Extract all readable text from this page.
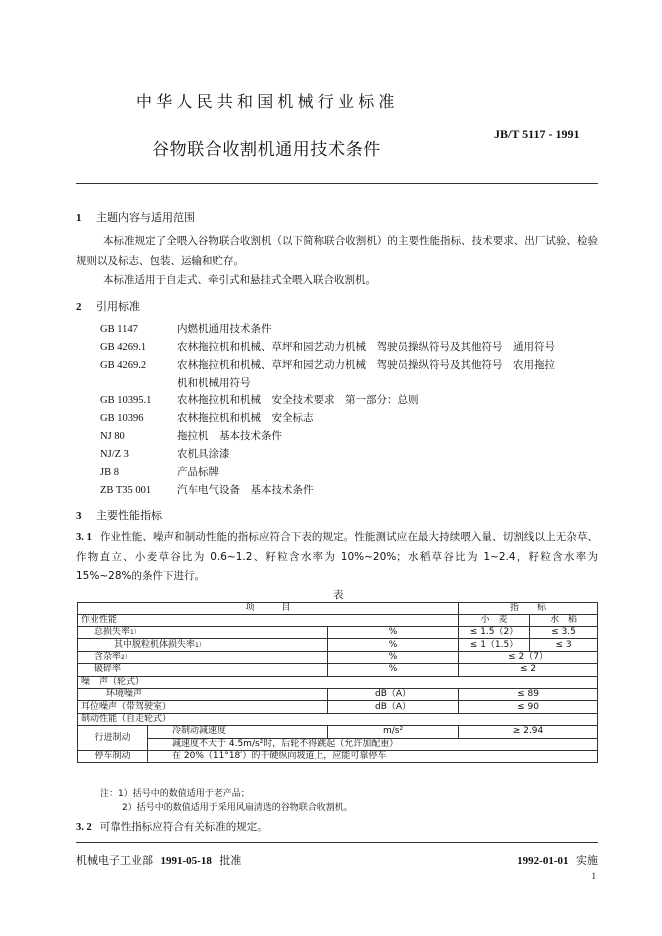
中华人民共和国机械行业标准
谷物联合收割机通用技术条件
JB/T 5117 - 1991
1 主题内容与适用范围
本标准规定了全喂入谷物联合收割机（以下简称联合收割机）的主要性能指标、技术要求、出厂试验、检验规则以及标志、包装、运输和贮存。
本标准适用于自走式、牵引式和悬挂式全喂入联合收割机。
2 引用标准
GB 1147	内燃机通用技术条件
GB 4269.1	农林拖拉机和机械、草坪和园艺动力机械　驾驶员操纵符号及其他符号　通用符号
GB 4269.2	农林拖拉机和机械、草坪和园艺动力机械　驾驶员操纵符号及其他符号　农用拖拉
机和机械用符号
GB 10395.1 农林拖拉机和机械　安全技术要求　第一部分：总则
GB 10396	农林拖拉机和机械　安全标志
NJ 80	拖拉机　基本技术条件
NJ/Z 3	农机具涂漆
JB 8	产品标牌
ZB T35 001 汽车电气设备　基本技术条件
3 主要性能指标
3. 1 作业性能、噪声和制动性能的指标应符合下表的规定。性能测试应在最大持续喂入量、切割线以上无杂草、作物直立、小麦草谷比为 0.6~1.2、籽粒含水率为 10%~20%；水稻草谷比为 1~2.4，籽粒含水率为 15%~28%的条件下进行。
表
项　　　目			指　　标	
作业性能			小　麦	水　稻
总损失率$^{1)}$		%	≤ 1.5（2）	≤ 3.5
其中脱粒机体损失率$^{1)}$		%	≤ 1（1.5）	≤ 3
含杂率$^{2)}$		%	≤ 2（7）	
破碎率		%	≤ 2	
噪　声（轮式）				
环境噪声		dB（A）	≤ 89	
耳位噪声（带驾驶室）		dB（A）	≤ 90	
制动性能（自走轮式）				
行进制动	冷制动减速度	m/s²	≥ 2.94	
	减速度不大于 4.5m/s²时，后轮不得跳起（允许加配重）			
停车制动	在 20%（11°18′）的干硬纵向坡道上，应能可靠停车			
注：1）括号中的数值适用于老产品；
2）括号中的数值适用于采用风扇清选的谷物联合收割机。
3. 2 可靠性指标应符合有关标准的规定。
机械电子工业部 1991-05-18 批准	1992-01-01 实施
1
